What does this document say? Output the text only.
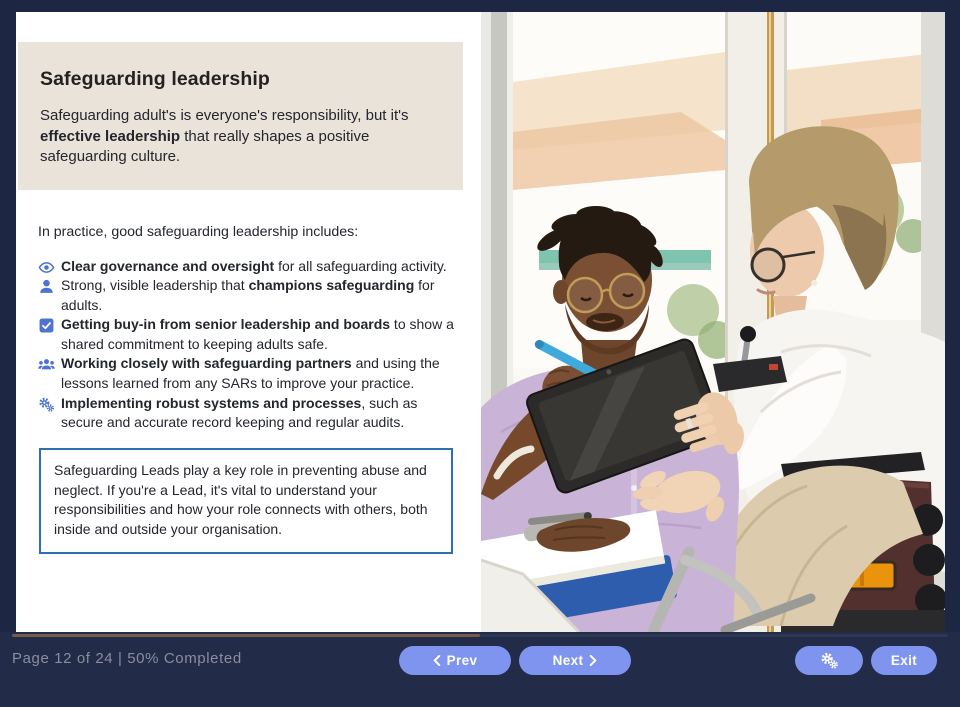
Safeguarding leadership

Safeguarding adult's is everyone's responsibility, but it's effective leadership that really shapes a positive safeguarding culture.

In practice, good safeguarding leadership includes:

Clear governance and oversight for all safeguarding activity.
Strong, visible leadership that champions safeguarding for adults.
Getting buy-in from senior leadership and boards to show a shared commitment to keeping adults safe.
Working closely with safeguarding partners and using the lessons learned from any SARs to improve your practice.
Implementing robust systems and processes, such as secure and accurate record keeping and regular audits.
Safeguarding Leads play a key role in preventing abuse and neglect. If you're a Lead, it's vital to understand your responsibilities and how your role connects with others, both inside and outside your organisation.
Page 12 of 24 | 50% Completed	Prev	Next	Exit
